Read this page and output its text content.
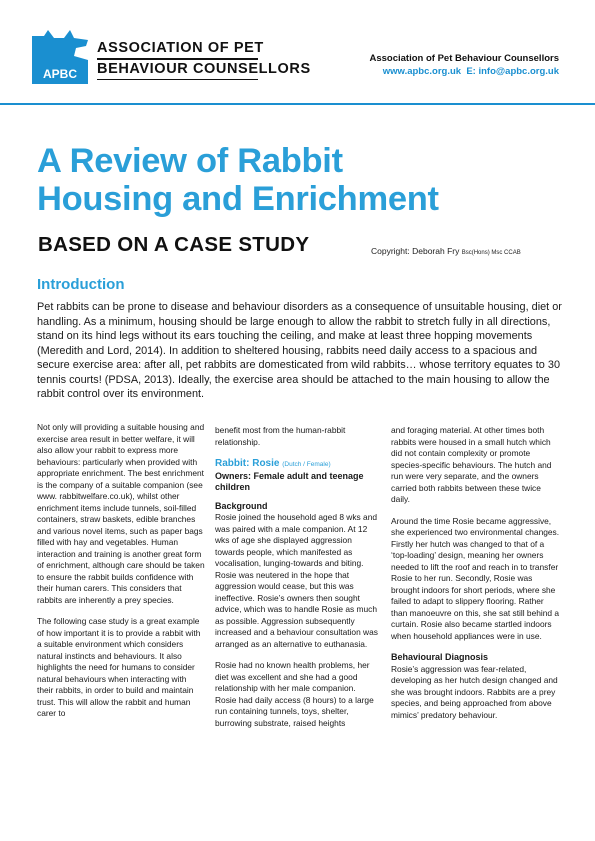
APBC
ASSOCIATION OF PET
BEHAVIOUR COUNSELLORS
Association of Pet Behaviour Counsellors
www.apbc.org.uk E: info@apbc.org.uk
A Review of Rabbit
Housing and Enrichment
BASED ON A CASE STUDY	Copyright: Deborah Fry Bsc(Hons) Msc CCAB
Introduction
Pet rabbits can be prone to disease and behaviour disorders as a consequence of unsuitable housing, diet or handling. As a minimum, housing should be large enough to allow the rabbit to stretch fully in all directions, stand on its hind legs without its ears touching the ceiling, and make at least three hopping movements (Meredith and Lord, 2014). In addition to sheltered housing, rabbits need daily access to a spacious and secure exercise area: after all, pet rabbits are domesticated from wild rabbits… whose territory equates to 30 tennis courts! (PDSA, 2013). Ideally, the exercise area should be attached to the main housing to allow the rabbit control over its environment.

Not only will providing a suitable housing and exercise area result in better welfare, it will also allow your rabbit to express more behaviours: particularly when provided with appropriate enrichment. The best enrichment is the company of a suitable companion (see www. rabbitwelfare.co.uk), whilst other enrichment items include tunnels, soil-filled containers, straw baskets, edible branches and various novel items, such as paper bags filled with hay and vegetables. Human interaction and training is another great form of enrichment, although care should be taken to ensure the rabbit builds confidence with their human carers. This considers that rabbits are inherently a prey species.

The following case study is a great example of how important it is to provide a rabbit with a suitable environment which considers natural instincts and behaviours. It also highlights the need for humans to consider natural behaviours when interacting with their rabbits, in order to build and maintain trust. This will allow the rabbit and human carer to

benefit most from the human-rabbit relationship.

Rabbit: Rosie (Dutch / Female)
Owners: Female adult and teenage children
Background

Rosie joined the household aged 8 wks and was paired with a male companion. At 12 wks of age she displayed aggression towards people, which manifested as vocalisation, lunging-towards and biting. Rosie was neutered in the hope that aggression would cease, but this was ineffective. Rosie’s owners then sought advice, which was to handle Rosie as much as possible. Aggression subsequently increased and a behaviour consultation was arranged as an alternative to euthanasia.

Rosie had no known health problems, her diet was excellent and she had a good relationship with her male companion. Rosie had daily access (8 hours) to a large run containing tunnels, toys, shelter, burrowing substrate, raised heights

and foraging material. At other times both rabbits were housed in a small hutch which did not contain complexity or promote species-specific behaviours. The hutch and run were very separate, and the owners carried both rabbits between these twice daily.

Around the time Rosie became aggressive, she experienced two environmental changes. Firstly her hutch was changed to that of a ‘top-loading’ design, meaning her owners needed to lift the roof and reach in to transfer Rosie to her run. Secondly, Rosie was brought indoors for short periods, where she failed to adapt to slippery flooring. Rather than manoeuvre on this, she sat still behind a curtain. Rosie also became startled indoors when household appliances were in use.

Behavioural Diagnosis

Rosie’s aggression was fear-related, developing as her hutch design changed and she was brought indoors. Rabbits are a prey species, and being approached from above mimics’ predatory behaviour.
